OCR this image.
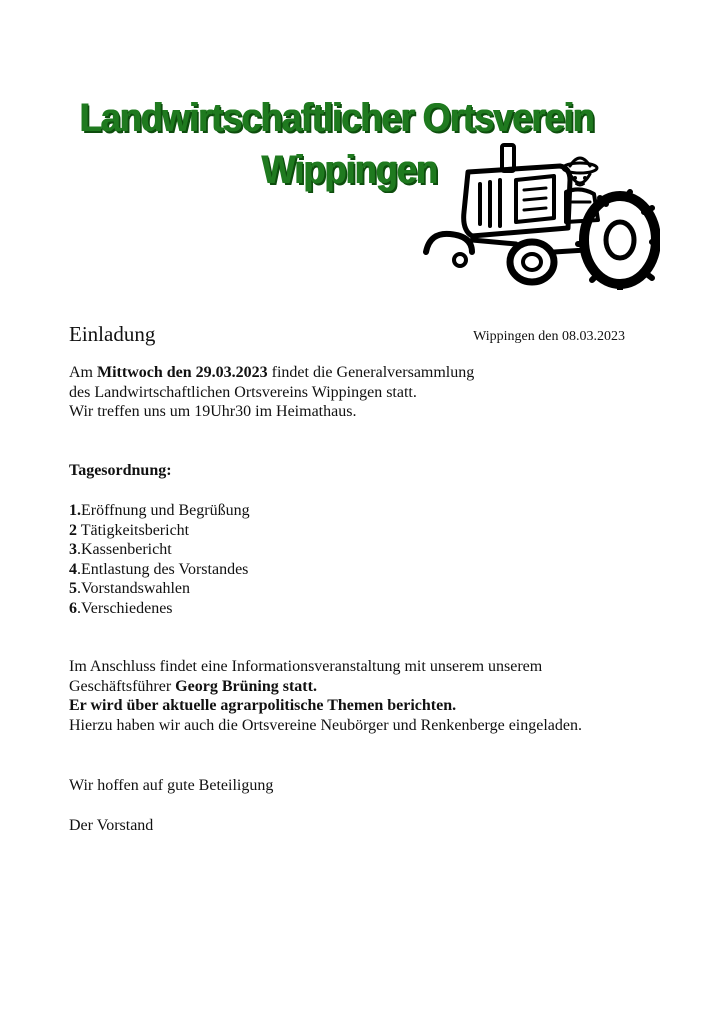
Landwirtschaftlicher Ortsverein
Wippingen
Einladung	Wippingen den 08.03.2023
Am Mittwoch den 29.03.2023 findet die Generalversammlung
des Landwirtschaftlichen Ortsvereins Wippingen statt.
Wir treffen uns um 19Uhr30 im Heimathaus.
Tagesordnung:
1.Eröffnung und Begrüßung
2 Tätigkeitsbericht
3.Kassenbericht
4.Entlastung des Vorstandes
5.Vorstandswahlen
6.Verschiedenes
Im Anschluss findet eine Informationsveranstaltung mit unserem unserem
Geschäftsführer Georg Brüning statt.
Er wird über aktuelle agrarpolitische Themen berichten.
Hierzu haben wir auch die Ortsvereine Neubörger und Renkenberge eingeladen.
Wir hoffen auf gute Beteiligung
Der Vorstand
